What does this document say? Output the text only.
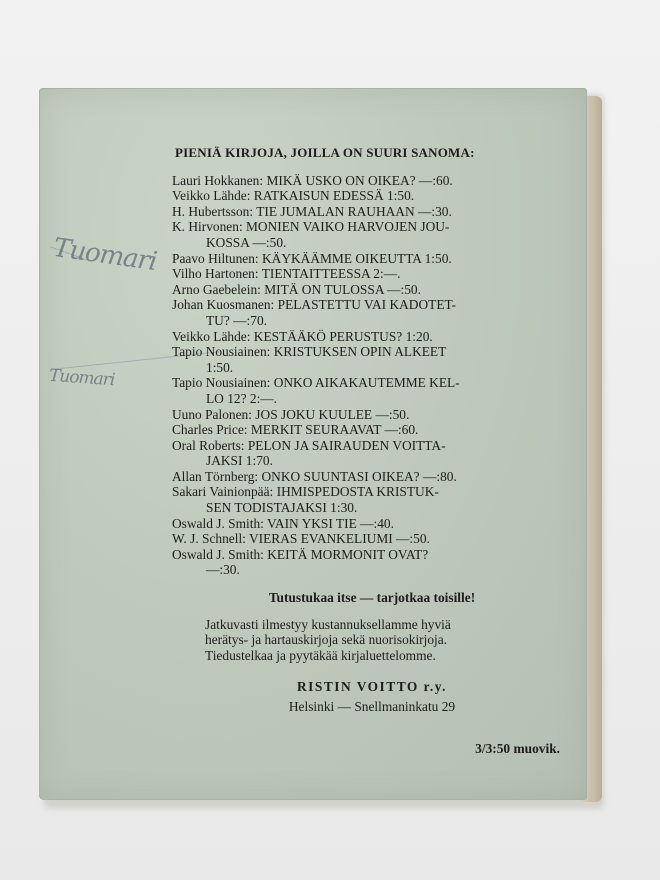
Tuomari
Tuomari
PIENIÄ KIRJOJA, JOILLA ON SUURI SANOMA:
Lauri Hokkanen: MIKÄ USKO ON OIKEA? —:60.
Veikko Lähde: RATKAISUN EDESSÄ 1:50.
H. Hubertsson: TIE JUMALAN RAUHAAN —:30.
K. Hirvonen: MONIEN VAIKO HARVOJEN JOU-
KOSSA —:50.
Paavo Hiltunen: KÄYKÄÄMME OIKEUTTA 1:50.
Vilho Hartonen: TIENTAITTEESSA 2:—.
Arno Gaebelein: MITÄ ON TULOSSA —:50.
Johan Kuosmanen: PELASTETTU VAI KADOTET-
TU? —:70.
Veikko Lähde: KESTÄÄKÖ PERUSTUS? 1:20.
Tapio Nousiainen: KRISTUKSEN OPIN ALKEET
1:50.
Tapio Nousiainen: ONKO AIKAKAUTEMME KEL-
LO 12? 2:—.
Uuno Palonen: JOS JOKU KUULEE —:50.
Charles Price: MERKIT SEURAAVAT —:60.
Oral Roberts: PELON JA SAIRAUDEN VOITTA-
JAKSI 1:70.
Allan Törnberg: ONKO SUUNTASI OIKEA? —:80.
Sakari Vainionpää: IHMISPEDOSTA KRISTUK-
SEN TODISTAJAKSI 1:30.
Oswald J. Smith: VAIN YKSI TIE —:40.
W. J. Schnell: VIERAS EVANKELIUMI —:50.
Oswald J. Smith: KEITÄ MORMONIT OVAT?
—:30.
Tutustukaa itse — tarjotkaa toisille!
Jatkuvasti ilmestyy kustannuksellamme hyviä
herätys- ja hartauskirjoja sekä nuorisokirjoja.
Tiedustelkaa ja pyytäkää kirjaluettelomme.
RISTIN VOITTO r.y.
Helsinki — Snellmaninkatu 29
3/3:50 muovik.
